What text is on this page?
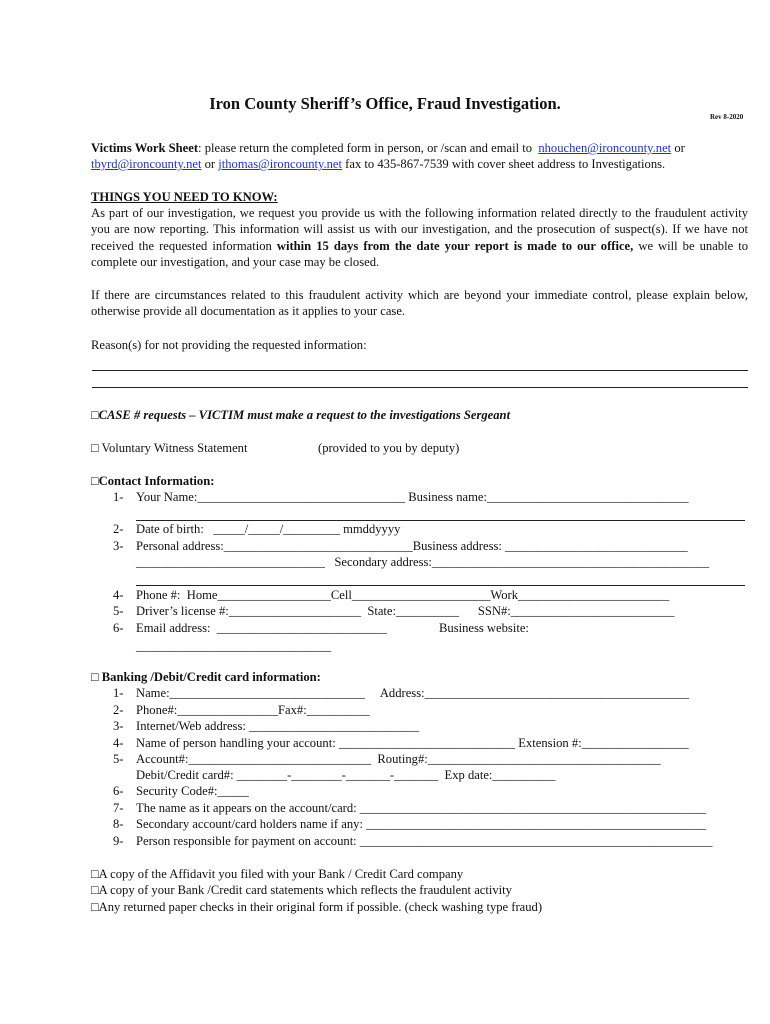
Iron County Sheriff’s Office, Fraud Investigation.
Rev 8-2020
Victims Work Sheet: please return the completed form in person, or /scan and email to  nhouchen@ironcounty.net or
tbyrd@ironcounty.net or jthomas@ironcounty.net fax to 435-867-7539 with cover sheet address to Investigations.
THINGS YOU NEED TO KNOW:
As part of our investigation, we request you provide us with the following information related directly to the fraudulent activity you are now reporting. This information will assist us with our investigation, and the prosecution of suspect(s). If we have not received the requested information within 15 days from the date your report is made to our office, we will be unable to complete our investigation, and your case may be closed.
If there are circumstances related to this fraudulent activity which are beyond your immediate control, please explain below, otherwise provide all documentation as it applies to your case.
Reason(s) for not providing the requested information:
□CASE # requests – VICTIM must make a request to the investigations Sergeant
□ Voluntary Witness Statement	(provided to you by deputy)
□Contact Information:
1- Your Name:_________________________________ Business name:________________________________
2- Date of birth:   _____/_____/_________ mmddyyyy
3- Personal address:______________________________Business address: _____________________________
______________________________   Secondary address:____________________________________________
4- Phone #:  Home__________________Cell______________________Work________________________
5- Driver’s license #:_____________________  State:__________      SSN#:__________________________
6- Email address:  ___________________________	Business website:
_______________________________
□ Banking /Debit/Credit card information:
1- Name:_______________________________     Address:__________________________________________
2- Phone#:________________Fax#:__________
3- Internet/Web address: ___________________________
4- Name of person handling your account: ____________________________ Extension #:_________________
5- Account#:_____________________________  Routing#:_____________________________________
Debit/Credit card#: ________-________-_______-_______  Exp date:__________
6- Security Code#:_____
7- The name as it appears on the account/card: _______________________________________________________
8- Secondary account/card holders name if any: ______________________________________________________
9- Person responsible for payment on account: ________________________________________________________
□A copy of the Affidavit you filed with your Bank / Credit Card company
□A copy of your Bank /Credit card statements which reflects the fraudulent activity
□Any returned paper checks in their original form if possible. (check washing type fraud)
